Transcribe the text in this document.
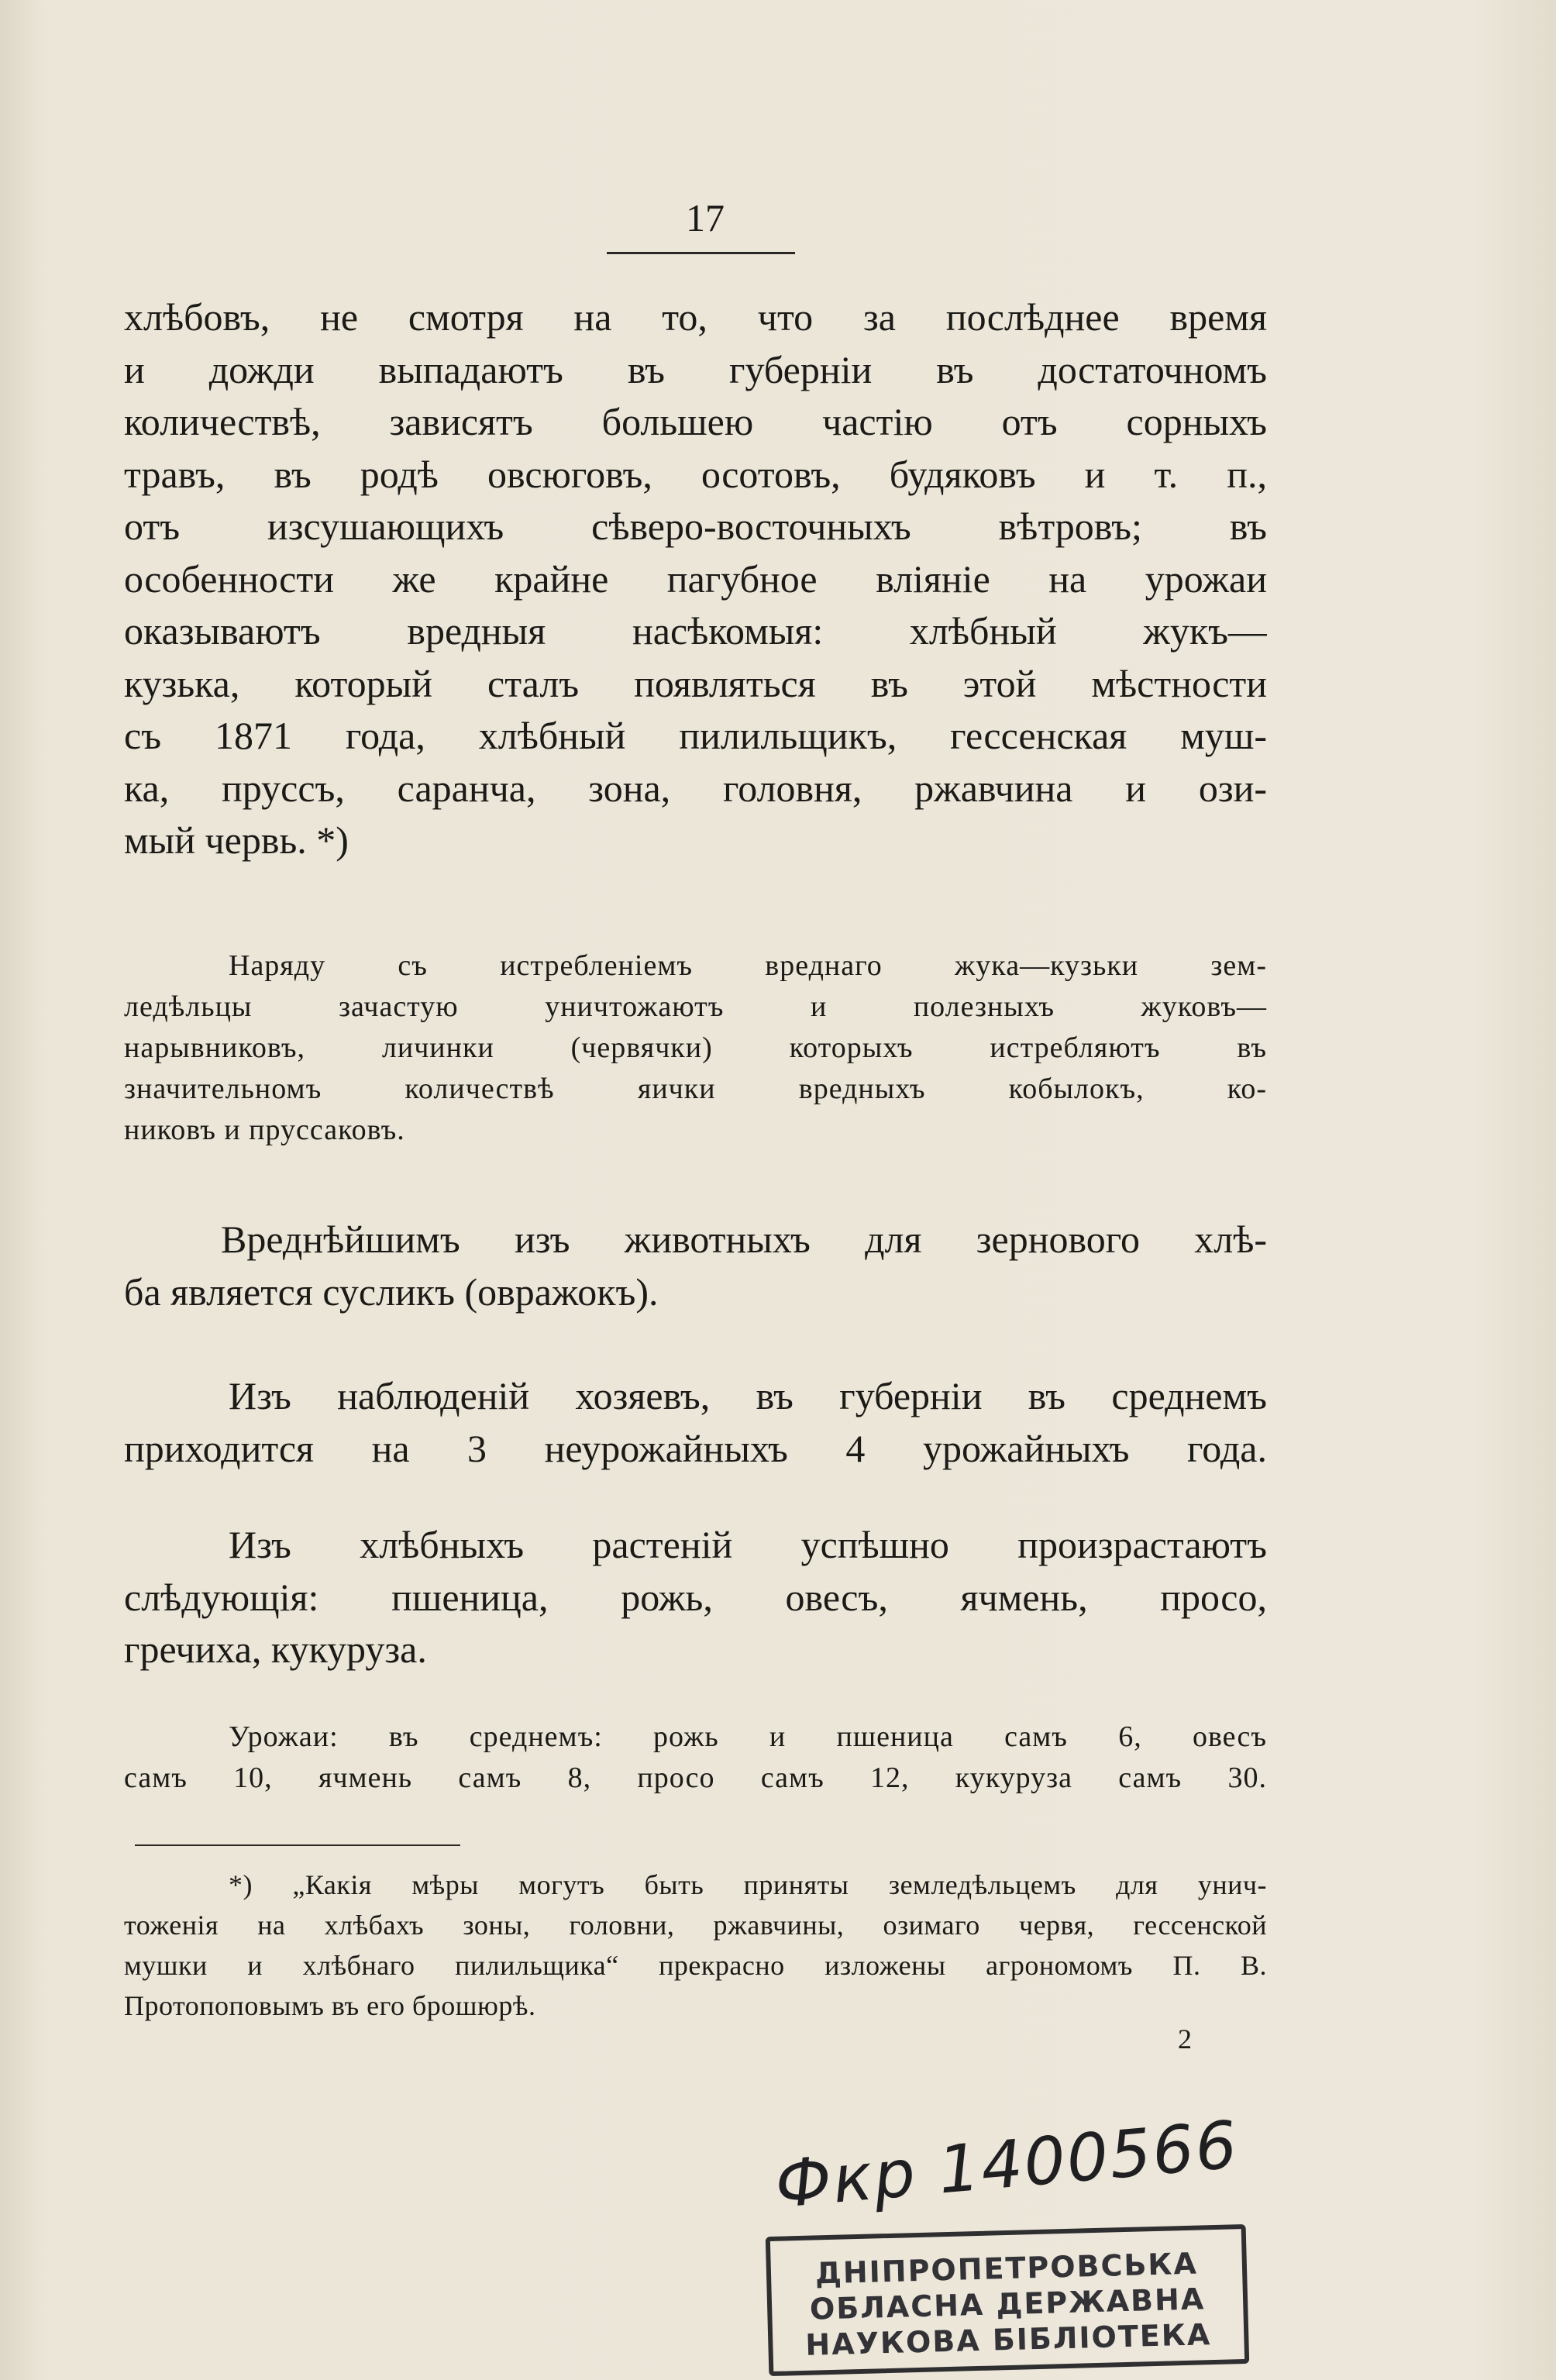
17
хлѣбовъ, не смотря на то, что за послѣднее время
и дожди выпадаютъ въ губерніи въ достаточномъ
количествѣ, зависятъ большею частію отъ сорныхъ
травъ, въ родѣ овсюговъ, осотовъ, будяковъ и т. п.,
отъ изсушающихъ сѣверо-восточныхъ вѣтровъ; въ
особенности же крайне пагубное вліяніе на урожаи
оказываютъ вредныя насѣкомыя: хлѣбный жукъ—
кузька, который сталъ появляться въ этой мѣстности
съ 1871 года, хлѣбный пилильщикъ, гессенская муш-
ка, пруссъ, саранча, зона, головня, ржавчина и ози-
мый червь. *)
Наряду съ истребленіемъ вреднаго жука—кузьки зем-
ледѣльцы зачастую уничтожаютъ и полезныхъ жуковъ—
нарывниковъ, личинки (червячки) которыхъ истребляютъ въ
значительномъ количествѣ яички вредныхъ кобылокъ, ко-
никовъ и пруссаковъ.
Вреднѣйшимъ изъ животныхъ для зернового хлѣ-
ба является сусликъ (овражокъ).
Изъ наблюденій хозяевъ, въ губерніи въ среднемъ
приходится на 3 неурожайныхъ 4 урожайныхъ года.
Изъ хлѣбныхъ растеній успѣшно произрастаютъ
слѣдующія: пшеница, рожь, овесъ, ячмень, просо,
гречиха, кукуруза.
Урожаи: въ среднемъ: рожь и пшеница самъ 6, овесъ
самъ 10, ячмень самъ 8, просо самъ 12, кукуруза самъ 30.
*) „Какія мѣры могутъ быть приняты земледѣльцемъ для унич-
тоженія на хлѣбахъ зоны, головни, ржавчины, озимаго червя, гессенской
мушки и хлѣбнаго пилильщика“ прекрасно изложены агрономомъ П. В.
Протопоповымъ въ его брошюрѣ.
2
Фкр 1400566
ДНІПРОПЕТРОВСЬКА
ОБЛАСНА ДЕРЖАВНА
НАУКОВА БІБЛІОТЕКА
